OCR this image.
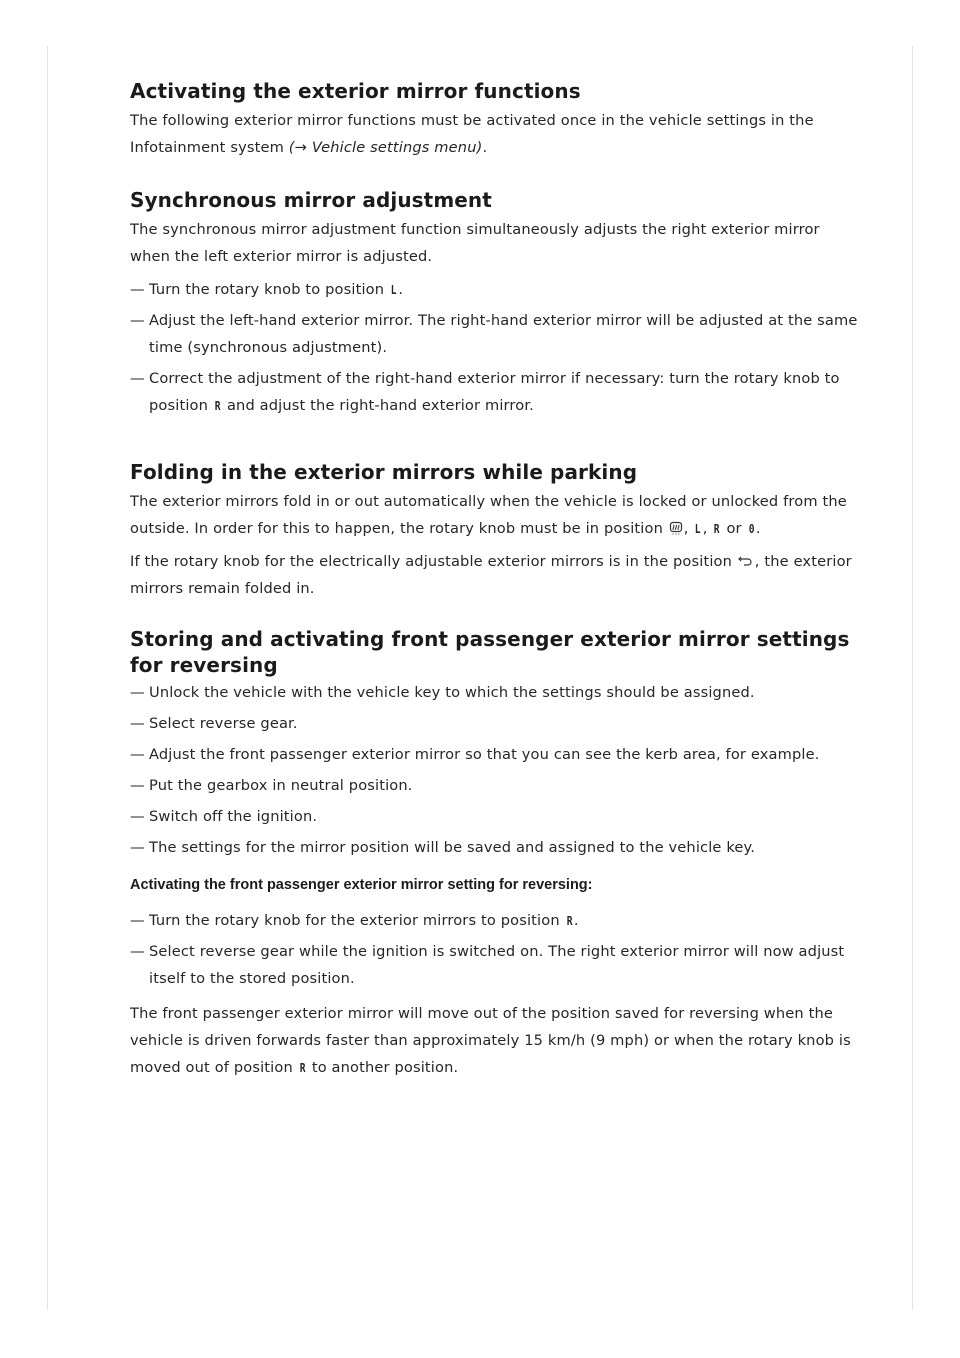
Activating the exterior mirror functions

The following exterior mirror functions must be activated once in the vehicle settings in the Infotainment system (→ Vehicle settings menu).

Synchronous mirror adjustment

The synchronous mirror adjustment function simultaneously adjusts the right exterior mirror when the left exterior mirror is adjusted.

— Turn the rotary knob to position L .
— Adjust the left-hand exterior mirror. The right-hand exterior mirror will be adjusted at the same time (synchronous adjustment).
— Correct the adjustment of the right-hand exterior mirror if necessary: turn the rotary knob to position R and adjust the right-hand exterior mirror.
Folding in the exterior mirrors while parking

The exterior mirrors fold in or out automatically when the vehicle is locked or unlocked from the outside. In order for this to happen, the rotary knob must be in position , L , R or 0 .

If the rotary knob for the electrically adjustable exterior mirrors is in the position , the exterior mirrors remain folded in.

Storing and activating front passenger exterior mirror settings for reversing
— Unlock the vehicle with the vehicle key to which the settings should be assigned.
— Select reverse gear.
— Adjust the front passenger exterior mirror so that you can see the kerb area, for example.
— Put the gearbox in neutral position.
— Switch off the ignition.
— The settings for the mirror position will be saved and assigned to the vehicle key.
Activating the front passenger exterior mirror setting for reversing:
— Turn the rotary knob for the exterior mirrors to position R .
— Select reverse gear while the ignition is switched on. The right exterior mirror will now adjust itself to the stored position.

The front passenger exterior mirror will move out of the position saved for reversing when the vehicle is driven forwards faster than approximately 15 km/h (9 mph) or when the rotary knob is moved out of position R to another position.
